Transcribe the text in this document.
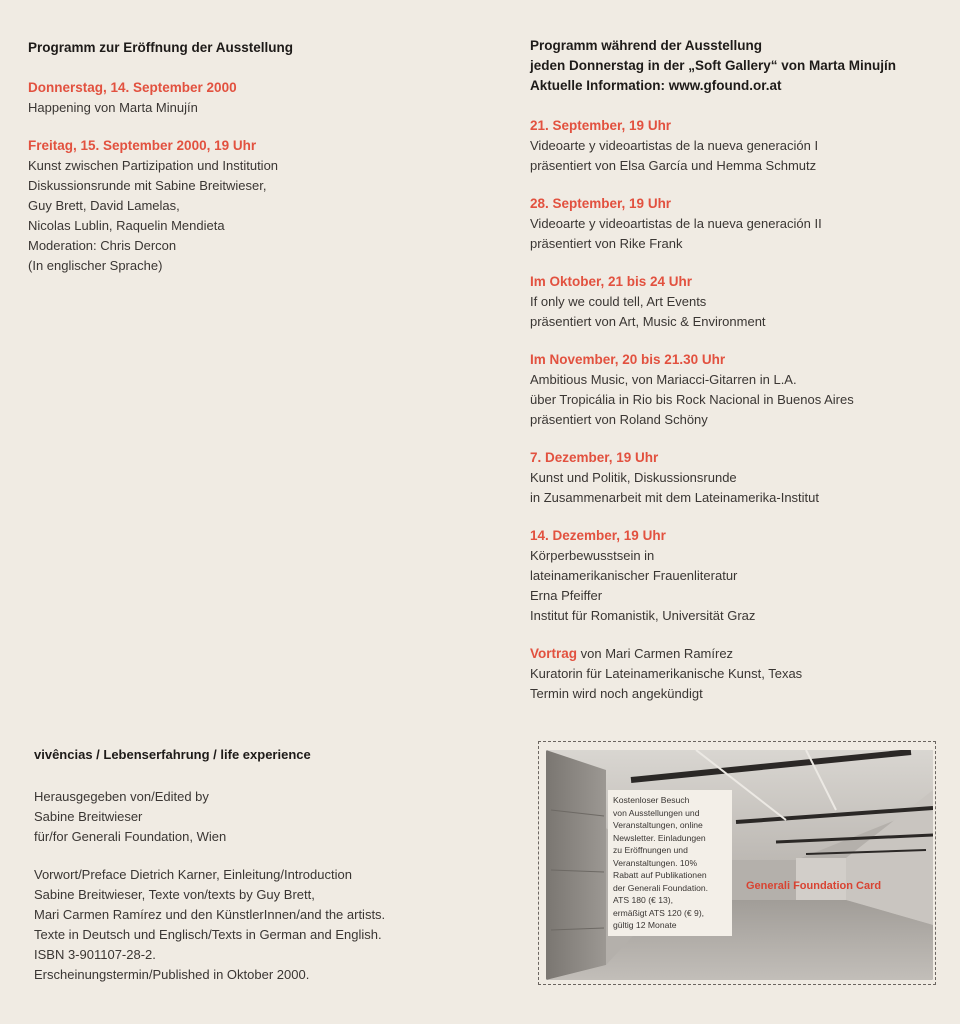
Programm zur Eröffnung der Ausstellung
Donnerstag, 14. September 2000
Happening von Marta Minujín
Freitag, 15. September 2000, 19 Uhr
Kunst zwischen Partizipation und Institution
Diskussionsrunde mit Sabine Breitwieser,
Guy Brett, David Lamelas,
Nicolas Lublin, Raquelin Mendieta
Moderation: Chris Dercon
(In englischer Sprache)
Programm während der Ausstellung
jeden Donnerstag in der „Soft Gallery“ von Marta Minujín
Aktuelle Information: www.gfound.or.at
21. September, 19 Uhr
Videoarte y videoartistas de la nueva generación I
präsentiert von Elsa García und Hemma Schmutz
28. September, 19 Uhr
Videoarte y videoartistas de la nueva generación II
präsentiert von Rike Frank
Im Oktober, 21 bis 24 Uhr
If only we could tell, Art Events
präsentiert von Art, Music & Environment
Im November, 20 bis 21.30 Uhr
Ambitious Music, von Mariacci-Gitarren in L.A.
über Tropicália in Rio bis Rock Nacional in Buenos Aires
präsentiert von Roland Schöny
7. Dezember, 19 Uhr
Kunst und Politik, Diskussionsrunde
in Zusammenarbeit mit dem Lateinamerika-Institut
14. Dezember, 19 Uhr
Körperbewusstsein in
lateinamerikanischer Frauenliteratur
Erna Pfeiffer
Institut für Romanistik, Universität Graz
Vortrag von Mari Carmen Ramírez
Kuratorin für Lateinamerikanische Kunst, Texas
Termin wird noch angekündigt
vivências / Lebenserfahrung / life experience
Herausgegeben von/Edited by
Sabine Breitwieser
für/for Generali Foundation, Wien
Vorwort/Preface Dietrich Karner, Einleitung/Introduction
Sabine Breitwieser, Texte von/texts by Guy Brett,
Mari Carmen Ramírez und den KünstlerInnen/and the artists.
Texte in Deutsch und Englisch/Texts in German and English.
ISBN 3-901107-28-2.
Erscheinungstermin/Published in Oktober 2000.
Kostenloser Besuch
von Ausstellungen und
Veranstaltungen, online
Newsletter. Einladungen
zu Eröffnungen und
Veranstaltungen. 10%
Rabatt auf Publikationen
der Generali Foundation.
ATS 180 (€ 13),
ermäßigt ATS 120 (€ 9),
gültig 12 Monate
Generali Foundation Card
